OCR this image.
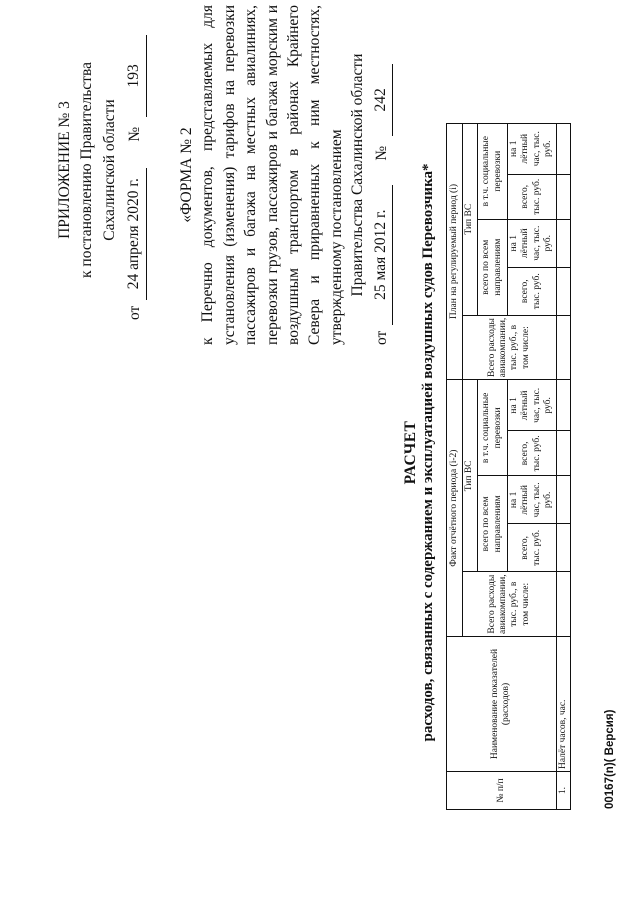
ПРИЛОЖЕНИЕ № 3 к постановлению Правительства Сахалинской области
от
24 апреля 2020 г.
№
193
«ФОРМА № 2 к Перечню документов, представляемых для установления (изменения) тарифов на перевозки пассажиров и багажа на местных авиалиниях, перевозки грузов, пассажиров и багажа морским и воздушным транспортом в районах Крайнего Севера и приравненных к ним местностях, утвержденному постановлением Правительства Сахалинской области
от
25 мая 2012 г.
№
242
РАСЧЕТ расходов, связанных с содержанием и эксплуатацией воздушных судов Перевозчика*
№ п/п	Наименование показателей (расходов)	Факт отчётного периода (i-2)					План на регулируемый период (i)				
		Всего расходы авиакомпании, тыс. руб., в том числе:	Тип ВС				Всего расходы авиакомпании, тыс. руб., в том числе:	Тип ВС			
			всего по всем направлениям		в т.ч. социальные перевозки			всего по всем направлениям		в т.ч. социальные перевозки	
			всего, тыс. руб.	на 1 лётный час, тыс. руб.	всего, тыс. руб.	на 1 лётный час, тыс. руб.		всего, тыс. руб.	на 1 лётный час, тыс. руб.	всего, тыс. руб.	на 1 лётный час, тыс. руб.
1.	Налёт часов, час.											00167(n)( Версия)
